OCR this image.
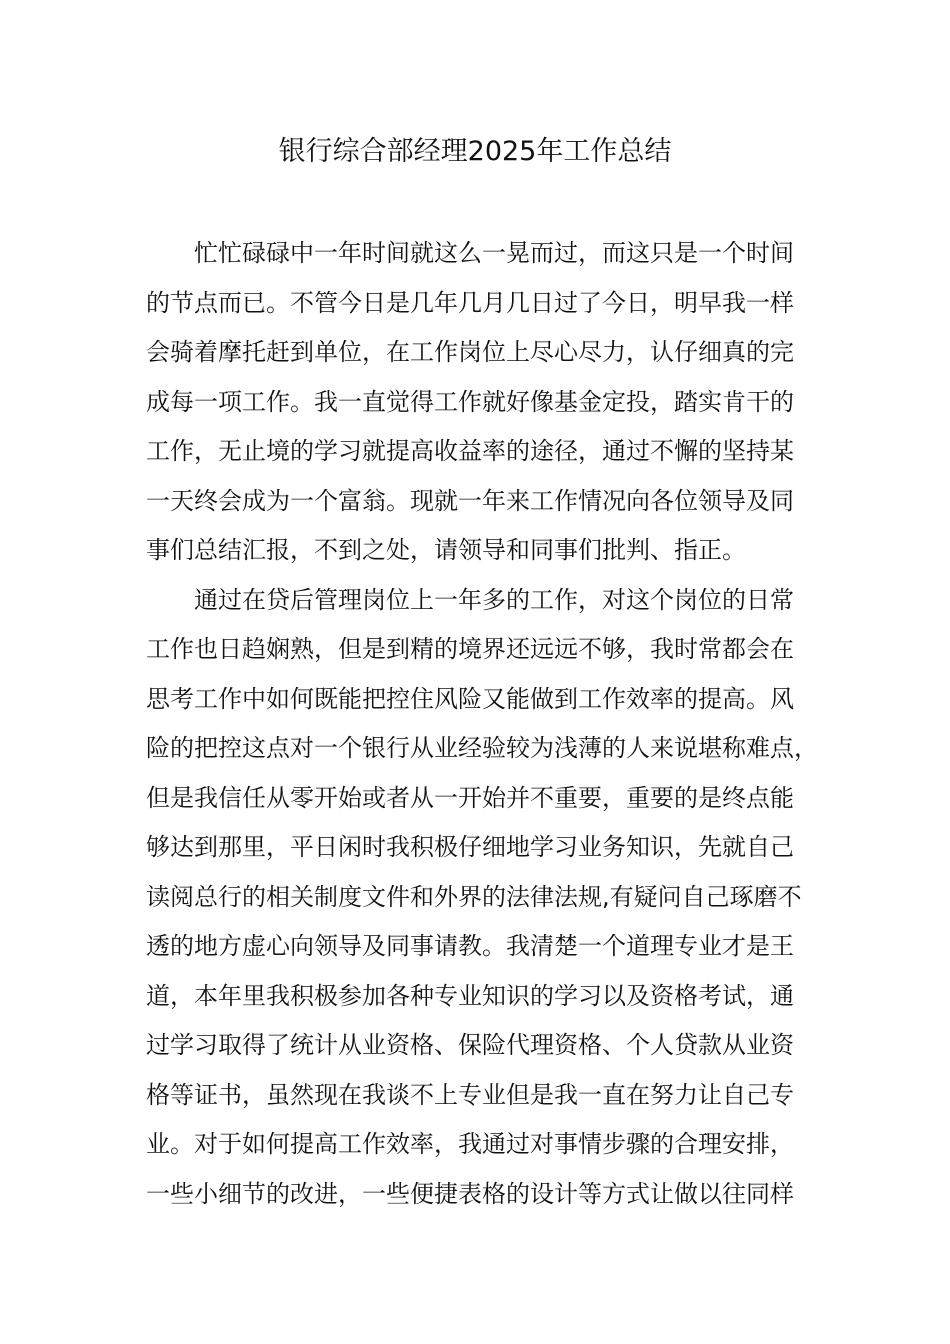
银行综合部经理2025年工作总结
忙忙碌碌中一年时间就这么一晃而过，而这只是一个时间
的节点而已。不管今日是几年几月几日过了今日，明早我一样
会骑着摩托赶到单位，在工作岗位上尽心尽力，认仔细真的完
成每一项工作。我一直觉得工作就好像基金定投，踏实肯干的
工作，无止境的学习就提高收益率的途径，通过不懈的坚持某
一天终会成为一个富翁。现就一年来工作情况向各位领导及同
事们总结汇报，不到之处，请领导和同事们批判、指正。
通过在贷后管理岗位上一年多的工作，对这个岗位的日常
工作也日趋娴熟，但是到精的境界还远远不够，我时常都会在
思考工作中如何既能把控住风险又能做到工作效率的提高。风
险的把控这点对一个银行从业经验较为浅薄的人来说堪称难点，
但是我信任从零开始或者从一开始并不重要，重要的是终点能
够达到那里，平日闲时我积极仔细地学习业务知识，先就自己
读阅总行的相关制度文件和外界的法律法规,有疑问自己琢磨不
透的地方虚心向领导及同事请教。我清楚一个道理专业才是王
道，本年里我积极参加各种专业知识的学习以及资格考试，通
过学习取得了统计从业资格、保险代理资格、个人贷款从业资
格等证书，虽然现在我谈不上专业但是我一直在努力让自己专
业。对于如何提高工作效率，我通过对事情步骤的合理安排，
一些小细节的改进，一些便捷表格的设计等方式让做以往同样
